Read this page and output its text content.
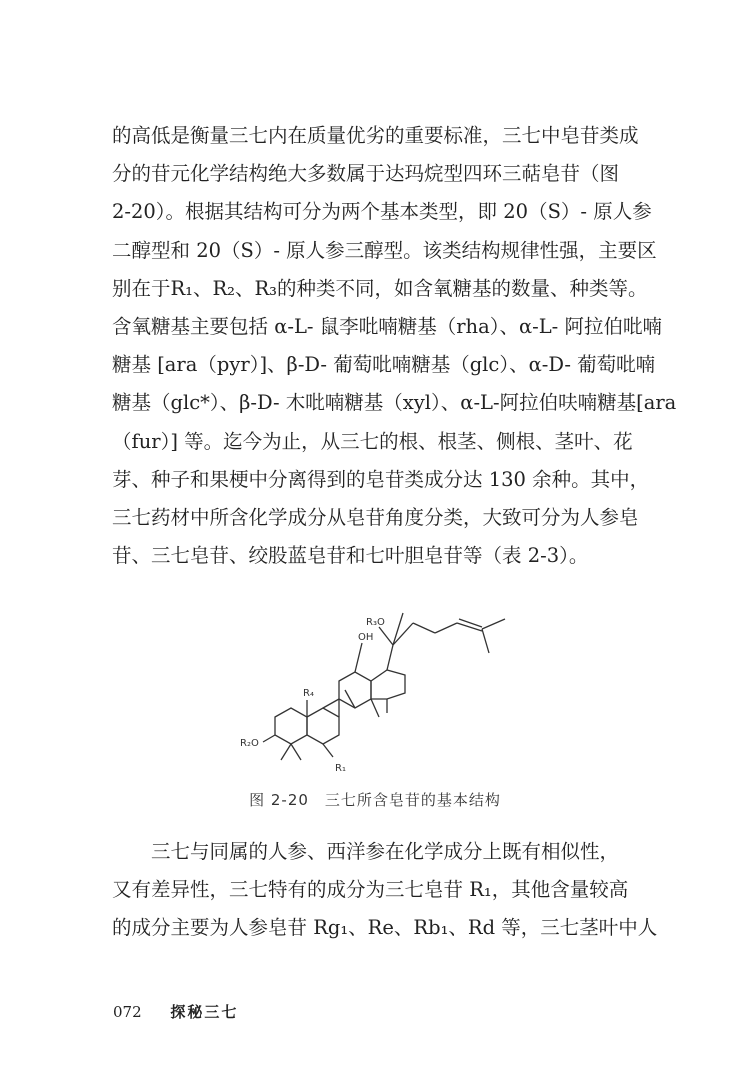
的高低是衡量三七内在质量优劣的重要标准，三七中皂苷类成
分的苷元化学结构绝大多数属于达玛烷型四环三萜皂苷（图
2-20）。根据其结构可分为两个基本类型，即 20（S）- 原人参
二醇型和 20（S）- 原人参三醇型。该类结构规律性强，主要区
别在于R₁、R₂、R₃的种类不同，如含氧糖基的数量、种类等。
含氧糖基主要包括 α-L- 鼠李吡喃糖基（rha）、α-L- 阿拉伯吡喃
糖基 [ara（pyr）]、β-D- 葡萄吡喃糖基（glc）、α-D- 葡萄吡喃
糖基（glc*）、β-D- 木吡喃糖基（xyl）、α-L-阿拉伯呋喃糖基[ara
（fur）] 等。迄今为止，从三七的根、根茎、侧根、茎叶、花
芽、种子和果梗中分离得到的皂苷类成分达 130 余种。其中，
三七药材中所含化学成分从皂苷角度分类，大致可分为人参皂
苷、三七皂苷、绞股蓝皂苷和七叶胆皂苷等（表 2-3）。
R₃O
OH
R₄
R₂O
R₁
图 2-20　三七所含皂苷的基本结构
三七与同属的人参、西洋参在化学成分上既有相似性，
又有差异性，三七特有的成分为三七皂苷 R₁，其他含量较高
的成分主要为人参皂苷 Rg₁、Re、Rb₁、Rd 等，三七茎叶中人
072 探秘三七
